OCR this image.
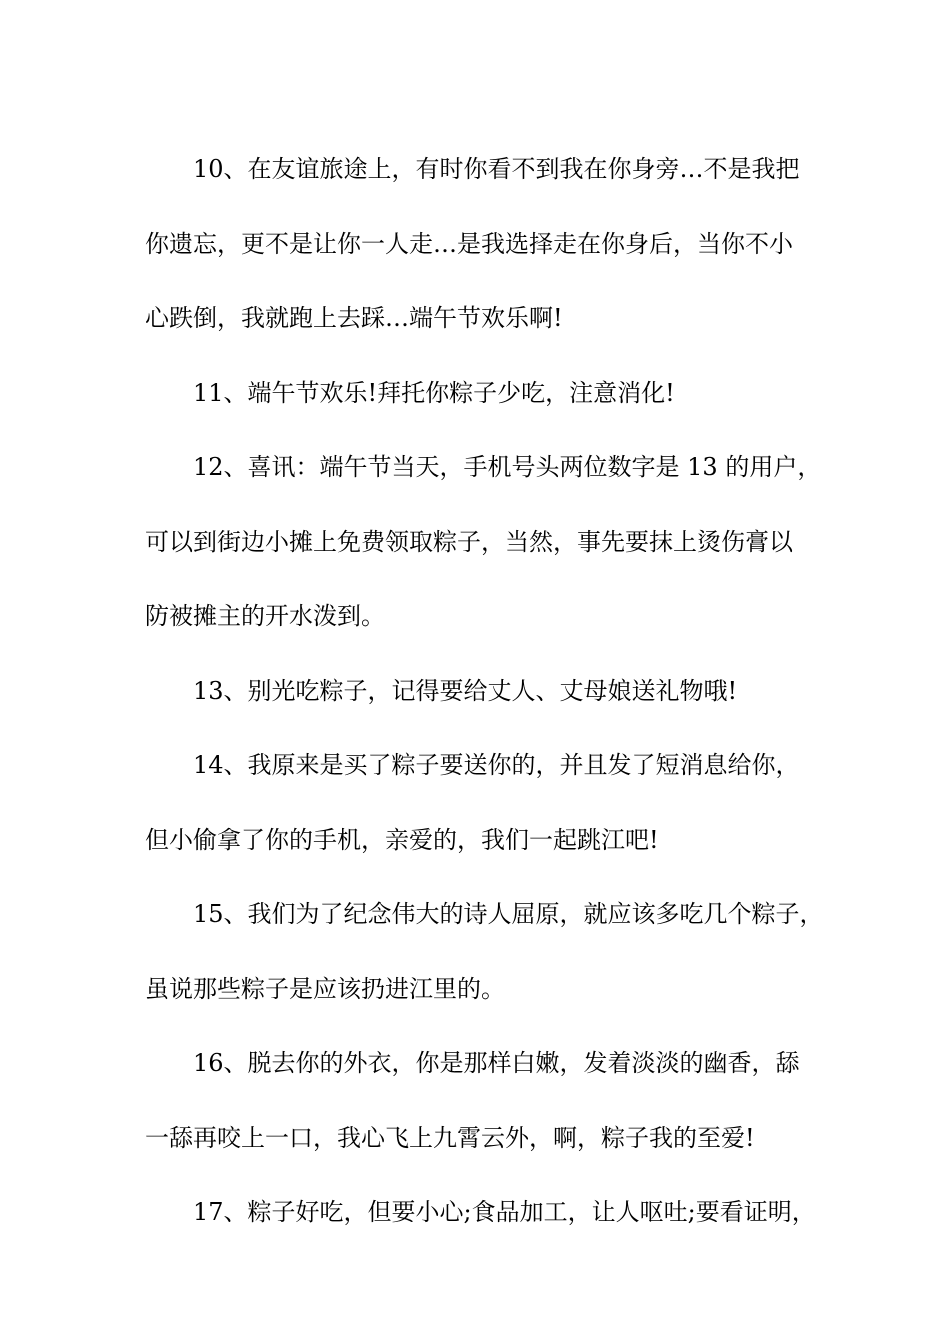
10、在友谊旅途上，有时你看不到我在你身旁…不是我把
你遗忘，更不是让你一人走…是我选择走在你身后，当你不小
心跌倒，我就跑上去踩…端午节欢乐啊!

11、端午节欢乐!拜托你粽子少吃，注意消化!

12、喜讯：端午节当天，手机号头两位数字是 13 的用户，
可以到街边小摊上免费领取粽子，当然，事先要抹上烫伤膏以
防被摊主的开水泼到。

13、别光吃粽子，记得要给丈人、丈母娘送礼物哦!

14、我原来是买了粽子要送你的，并且发了短消息给你，
但小偷拿了你的手机，亲爱的，我们一起跳江吧!

15、我们为了纪念伟大的诗人屈原，就应该多吃几个粽子，
虽说那些粽子是应该扔进江里的。

16、脱去你的外衣，你是那样白嫩，发着淡淡的幽香，舔
一舔再咬上一口，我心飞上九霄云外，啊，粽子我的至爱!

17、粽子好吃，但要小心;食品加工，让人呕吐;要看证明，
